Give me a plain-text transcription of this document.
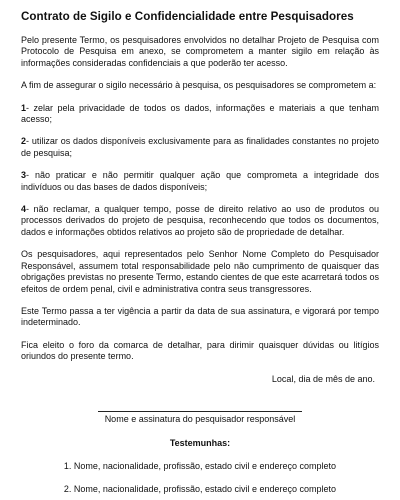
Contrato de Sigilo e Confidencialidade entre Pesquisadores

Pelo presente Termo, os pesquisadores envolvidos no detalhar Projeto de Pesquisa com Protocolo de Pesquisa em anexo, se comprometem a manter sigilo em relação às informações consideradas confidenciais a que poderão ter acesso.

A fim de assegurar o sigilo necessário à pesquisa, os pesquisadores se comprometem a:

1- zelar pela privacidade de todos os dados, informações e materiais a que tenham acesso;

2- utilizar os dados disponíveis exclusivamente para as finalidades constantes no projeto de pesquisa;

3- não praticar e não permitir qualquer ação que comprometa a integridade dos indivíduos ou das bases de dados disponíveis;

4- não reclamar, a qualquer tempo, posse de direito relativo ao uso de produtos ou processos derivados do projeto de pesquisa, reconhecendo que todos os documentos, dados e informações obtidos relativos ao projeto são de propriedade de detalhar.

Os pesquisadores, aqui representados pelo Senhor Nome Completo do Pesquisador Responsável, assumem total responsabilidade pelo não cumprimento de quaisquer das obrigações previstas no presente Termo, estando cientes de que este acarretará todos os efeitos de ordem penal, civil e administrativa contra seus transgressores.

Este Termo passa a ter vigência a partir da data de sua assinatura, e vigorará por tempo indeterminado.

Fica eleito o foro da comarca de detalhar, para dirimir quaisquer dúvidas ou litígios oriundos do presente termo.

Local, dia de mês de ano.
Nome e assinatura do pesquisador responsável
Testemunhas:
1. Nome, nacionalidade, profissão, estado civil e endereço completo
2. Nome, nacionalidade, profissão, estado civil e endereço completo
